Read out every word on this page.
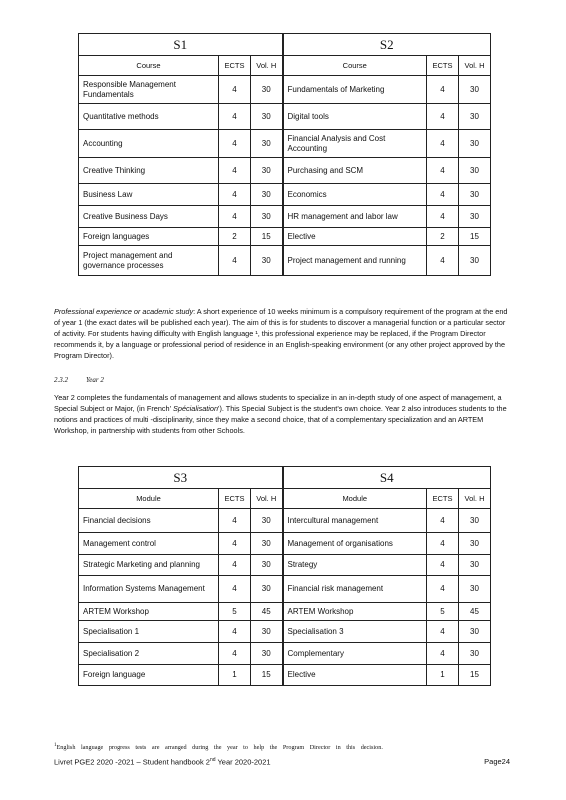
S1			S2		
Course	ECTS	Vol. H	Course	ECTS	Vol. H
Responsible Management Fundamentals	4	30	Fundamentals of Marketing	4	30
Quantitative methods	4	30	Digital tools	4	30
Accounting	4	30	Financial Analysis and Cost Accounting	4	30
Creative Thinking	4	30	Purchasing and SCM	4	30
Business Law	4	30	Economics	4	30
Creative Business Days	4	30	HR management and labor law	4	30
Foreign languages	2	15	Elective	2	15
Project management and governance processes	4	30	Project management and running	4	30

Professional experience or academic study: A short experience of 10 weeks minimum is a compulsory requirement of the program at the end of year 1 (the exact dates will be published each year). The aim of this is for students to discover a managerial function or a particular sector of activity. For students having difficulty with English language ¹, this professional experience may be replaced, if the Program Director recommends it, by a language or professional period of residence in an English-speaking environment (or any other project approved by the Program Director).

2.3.2	Year 2

Year 2 completes the fundamentals of management and allows students to specialize in an in-depth study of one aspect of management, a Special Subject or Major, (in French' Spécialisation'). This Special Subject is the student's own choice. Year 2 also introduces students to the notions and practices of multi -disciplinarity, since they make a second choice, that of a complementary specialization and an ARTEM Workshop, in partnership with students from other Schools.

S3			S4		
Module	ECTS	Vol. H	Module	ECTS	Vol. H
Financial decisions	4	30	Intercultural management	4	30
Management control	4	30	Management of organisations	4	30
Strategic Marketing and planning	4	30	Strategy	4	30
Information Systems Management	4	30	Financial risk management	4	30
ARTEM Workshop	5	45	ARTEM Workshop	5	45
Specialisation 1	4	30	Specialisation 3	4	30
Specialisation 2	4	30	Complementary	4	30
Foreign language	1	15	Elective	1	15
$^1$English language progress tests are arranged during the year to help the Program Director in this decision.
Livret PGE2 2020 -2021 – Student handbook 2nd Year 2020-2021	Page24
